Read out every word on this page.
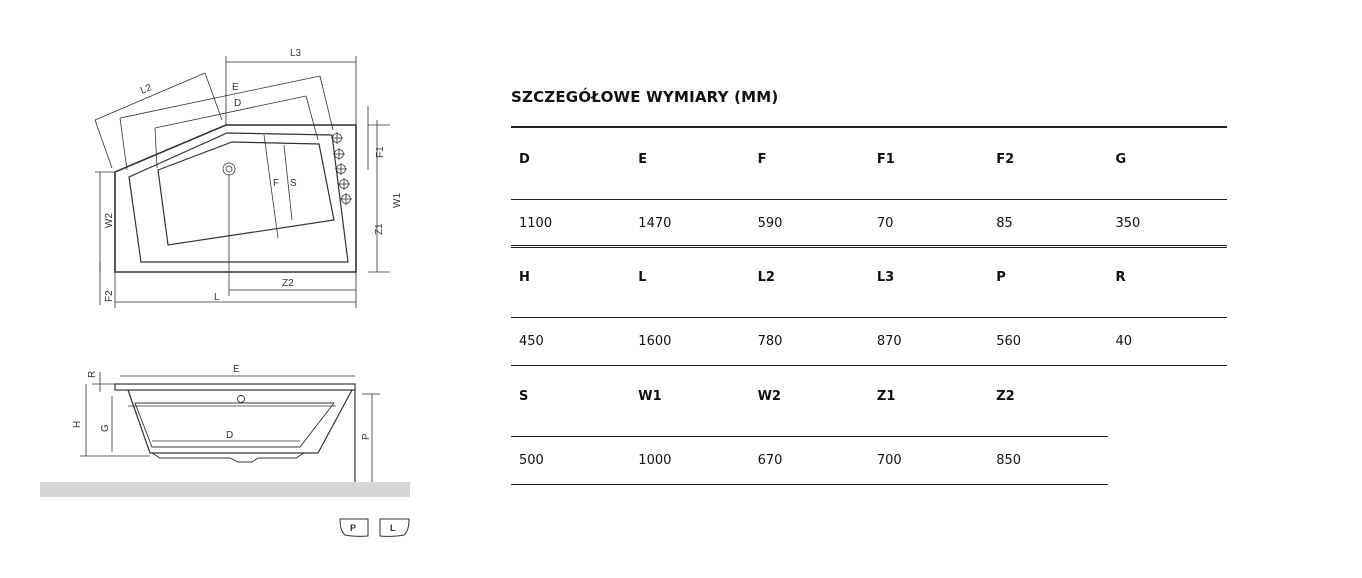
L3
L2	E
D
F S
F1
W1
Z1
W2
F2
Z2
L
R	E
H G
D	P
P	L
SZCZEGÓŁOWE WYMIARY (MM)
D	E	F	F1	F2	G
1100	1470	590	70	85	350
H	L	L2	L3	P	R
450	1600	780	870	560	40
S	W1	W2	Z1	Z2
500	1000	670	700	850
